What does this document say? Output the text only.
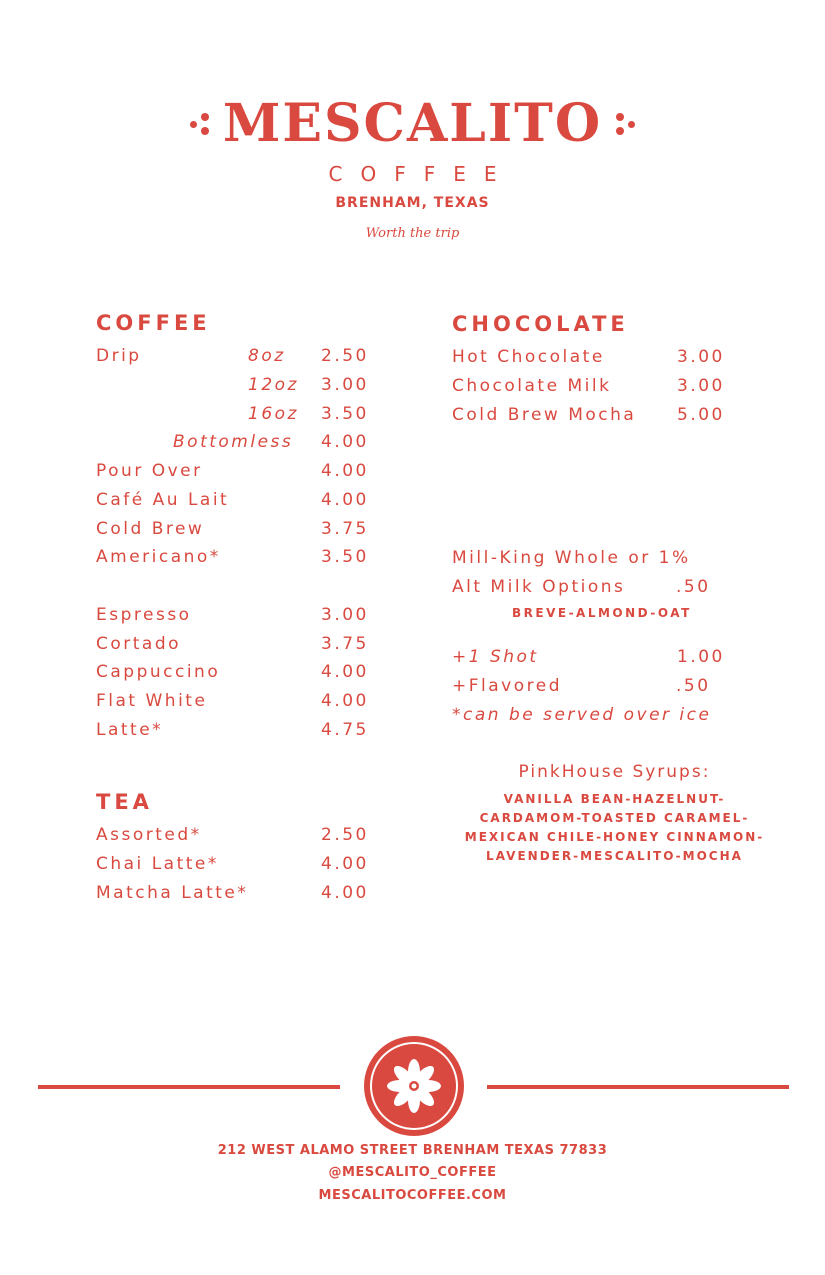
MESCALITO
COFFEE
BRENHAM, TEXAS
Worth the trip
COFFEE
Drip	8oz 2.50
12oz 3.00
16oz 3.50
Bottomless 4.00
Pour Over	4.00
Café Au Lait	4.00
Cold Brew	3.75
Americano*	3.50
Espresso	3.00
Cortado	3.75
Cappuccino	4.00
Flat White	4.00
Latte*	4.75
TEA
Assorted*	2.50
Chai Latte*	4.00
Matcha Latte*	4.00
CHOCOLATE
Hot Chocolate	3.00
Chocolate Milk	3.00
Cold Brew Mocha 5.00
Mill-King Whole or 1%
Alt Milk Options	.50
BREVE-ALMOND-OAT
+1 Shot	1.00
+Flavored	.50
*can be served over ice
PinkHouse Syrups:
VANILLA BEAN-HAZELNUT-
CARDAMOM-TOASTED CARAMEL-
MEXICAN CHILE-HONEY CINNAMON-
LAVENDER-MESCALITO-MOCHA
212 WEST ALAMO STREET BRENHAM TEXAS 77833
@MESCALITO_COFFEE
MESCALITOCOFFEE.COM
